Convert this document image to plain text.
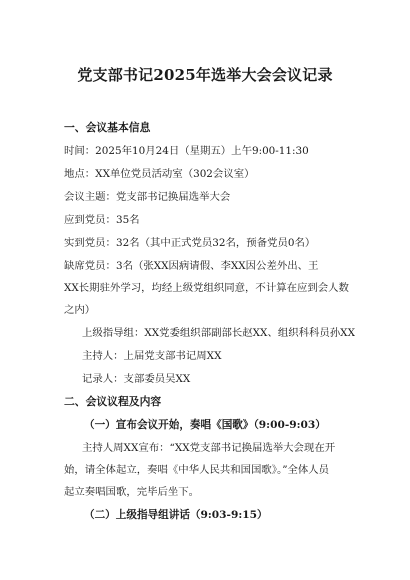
党支部书记2025年选举大会会议记录
一、会议基本信息
时间：2025年10月24日（星期五）上午9:00-11:30
地点：XX单位党员活动室（302会议室）
会议主题：党支部书记换届选举大会
应到党员：35名
实到党员：32名（其中正式党员32名，预备党员0名）
缺席党员：3名（张XX因病请假、李XX因公差外出、王
XX长期驻外学习，均经上级党组织同意，不计算在应到会人数
之内）
上级指导组：XX党委组织部副部长赵XX、组织科科员孙XX
主持人：上届党支部书记周XX
记录人：支部委员吴XX
二、会议议程及内容
（一）宣布会议开始，奏唱《国歌》（9:00-9:03）
主持人周XX宣布：“XX党支部书记换届选举大会现在开
始，请全体起立，奏唱《中华人民共和国国歌》。”全体人员
起立奏唱国歌，完毕后坐下。
（二）上级指导组讲话（9:03-9:15）
